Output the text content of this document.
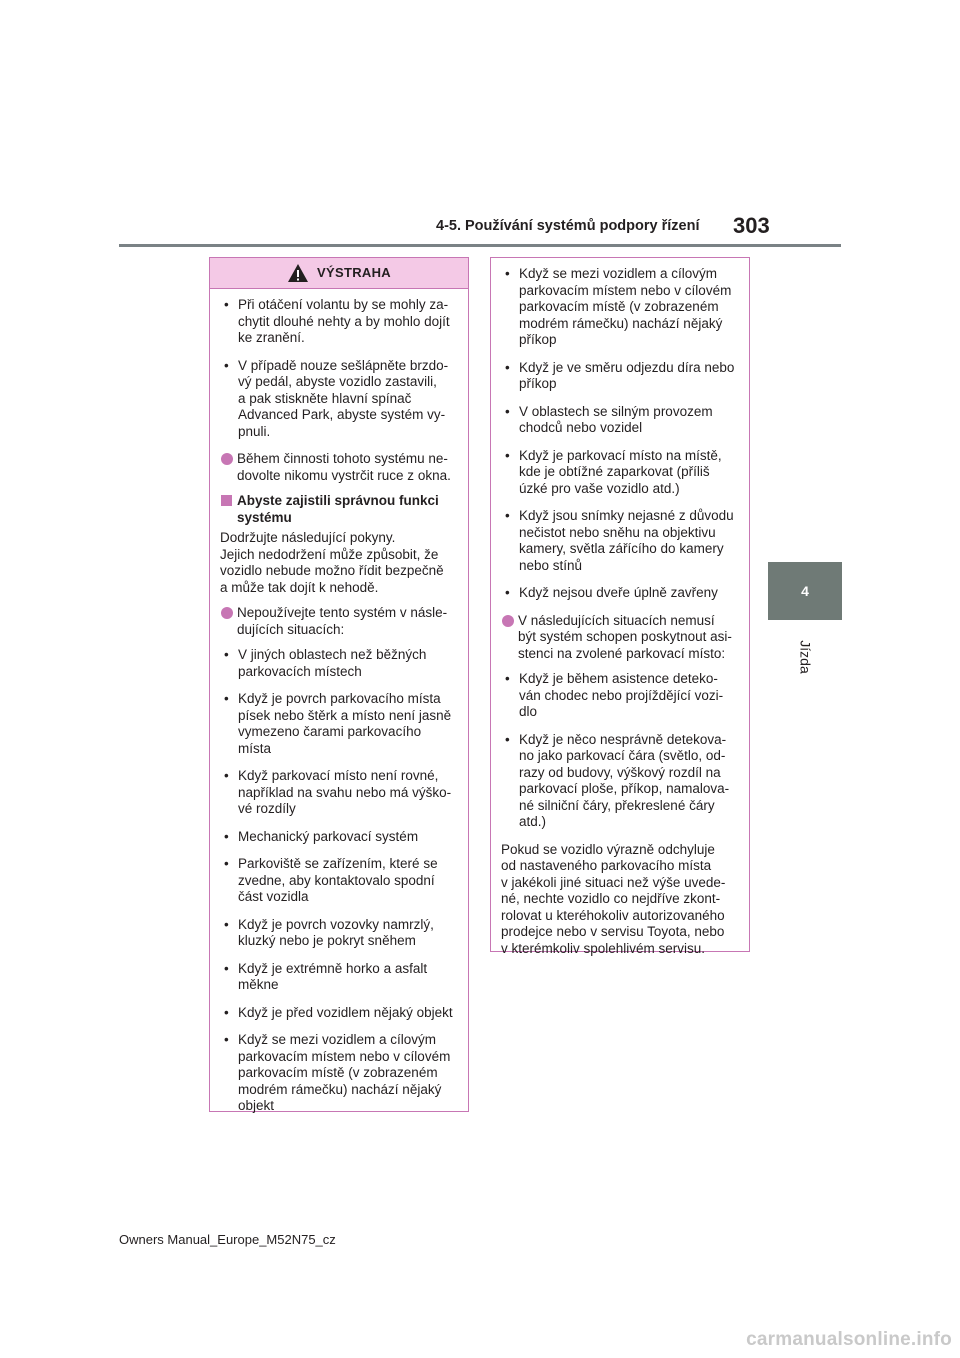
4-5. Používání systémů podpory řízení 303
4
Jízda
VÝSTRAHA
• Při otáčení volantu by se mohly za-
chytit dlouhé nehty a by mohlo dojít
ke zranění.
• V případě nouze sešlápněte brzdo-
vý pedál, abyste vozidlo zastavili,
a pak stiskněte hlavní spínač
Advanced Park, abyste systém vy-
pnuli.
Během činnosti tohoto systému ne-
dovolte nikomu vystrčit ruce z okna.
Abyste zajistili správnou funkci
systému
Dodržujte následující pokyny.
Jejich nedodržení může způsobit, že
vozidlo nebude možno řídit bezpečně
a může tak dojít k nehodě.
Nepoužívejte tento systém v násle-
dujících situacích:
• V jiných oblastech než běžných
parkovacích místech
• Když je povrch parkovacího místa
písek nebo štěrk a místo není jasně
vymezeno čarami parkovacího
místa
• Když parkovací místo není rovné,
například na svahu nebo má výško-
vé rozdíly
• Mechanický parkovací systém
• Parkoviště se zařízením, které se
zvedne, aby kontaktovalo spodní
část vozidla
• Když je povrch vozovky namrzlý,
kluzký nebo je pokryt sněhem
• Když je extrémně horko a asfalt
měkne
• Když je před vozidlem nějaký objekt
• Když se mezi vozidlem a cílovým
parkovacím místem nebo v cílovém
parkovacím místě (v zobrazeném
modrém rámečku) nachází nějaký
objekt
• Když se mezi vozidlem a cílovým
parkovacím místem nebo v cílovém
parkovacím místě (v zobrazeném
modrém rámečku) nachází nějaký
příkop
• Když je ve směru odjezdu díra nebo
příkop
• V oblastech se silným provozem
chodců nebo vozidel
• Když je parkovací místo na místě,
kde je obtížné zaparkovat (příliš
úzké pro vaše vozidlo atd.)
• Když jsou snímky nejasné z důvodu
nečistot nebo sněhu na objektivu
kamery, světla zářícího do kamery
nebo stínů
• Když nejsou dveře úplně zavřeny
V následujících situacích nemusí
být systém schopen poskytnout asi-
stenci na zvolené parkovací místo:
• Když je během asistence deteko-
ván chodec nebo projíždějící vozi-
dlo
• Když je něco nesprávně detekova-
no jako parkovací čára (světlo, od-
razy od budovy, výškový rozdíl na
parkovací ploše, příkop, namalova-
né silniční čáry, překreslené čáry
atd.)
Pokud se vozidlo výrazně odchyluje
od nastaveného parkovacího místa
v jakékoli jiné situaci než výše uvede-
né, nechte vozidlo co nejdříve zkont-
rolovat u kteréhokoliv autorizovaného
prodejce nebo v servisu Toyota, nebo
v kterémkoliv spolehlivém servisu.
Owners Manual_Europe_M52N75_cz
carmanualsonline.info
